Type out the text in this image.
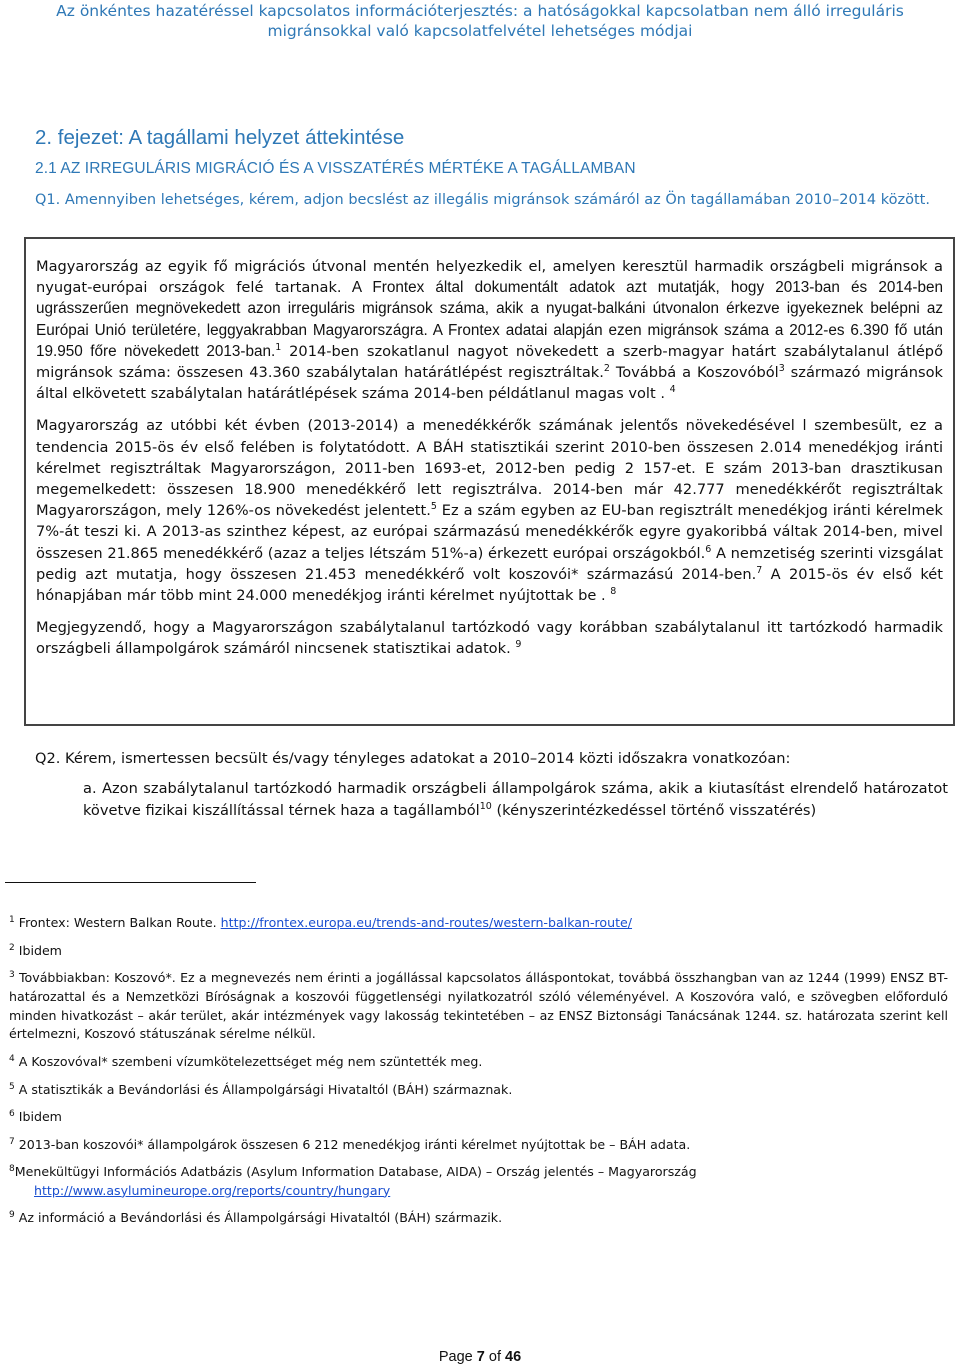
Az önkéntes hazatéréssel kapcsolatos információterjesztés: a hatóságokkal kapcsolatban nem álló irreguláris
migránsokkal való kapcsolatfelvétel lehetséges módjai
2. fejezet: A tagállami helyzet áttekintése
2.1 AZ IRREGULÁRIS MIGRÁCIÓ ÉS A VISSZATÉRÉS MÉRTÉKE A TAGÁLLAMBAN

Q1. Amennyiben lehetséges, kérem, adjon becslést az illegális migránsok számáról az Ön tagállamában 2010–2014 között.

Magyarország az egyik fő migrációs útvonal mentén helyezkedik el, amelyen keresztül harmadik országbeli migránsok a nyugat-európai országok felé tartanak. A Frontex által dokumentált adatok azt mutatják, hogy 2013-ban és 2014-ben ugrásszerűen megnövekedett azon irreguláris migránsok száma, akik a nyugat-balkáni útvonalon érkezve igyekeznek belépni az Európai Unió területére, leggyakrabban Magyarországra. A Frontex adatai alapján ezen migránsok száma a 2012-es 6.390 fő után 19.950 főre növekedett 2013-ban.$^1$ 2014-ben szokatlanul nagyot növekedett a szerb-magyar határt szabálytalanul átlépő migránsok száma: összesen 43.360 szabálytalan határátlépést regisztráltak.$^2$ Továbbá a Koszovóból$^3$ származó migránsok által elkövetett szabálytalan határátlépések száma 2014-ben példátlanul magas volt . $^4$

Magyarország az utóbbi két évben (2013-2014) a menedékkérők számának jelentős növekedésével l szembesült, ez a tendencia 2015-ös év első felében is folytatódott. A BÁH statisztikái szerint 2010-ben összesen 2.014 menedékjog iránti kérelmet regisztráltak Magyarországon, 2011-ben 1693-et, 2012-ben pedig 2 157-et. E szám 2013-ban drasztikusan megemelkedett: összesen 18.900 menedékkérő lett regisztrálva. 2014-ben már 42.777 menedékkérőt regisztráltak Magyarországon, mely 126%-os növekedést jelentett.$^5$ Ez a szám egyben az EU-ban regisztrált menedékjog iránti kérelmek 7%-át teszi ki. A 2013-as szinthez képest, az európai származású menedékkérők egyre gyakoribbá váltak 2014-ben, mivel összesen 21.865 menedékkérő (azaz a teljes létszám 51%-a) érkezett európai országokból.$^6$ A nemzetiség szerinti vizsgálat pedig azt mutatja, hogy összesen 21.453 menedékkérő volt koszovói* származású 2014-ben.$^7$ A 2015-ös év első két hónapjában már több mint 24.000 menedékjog iránti kérelmet nyújtottak be . $^8$

Megjegyzendő, hogy a Magyarországon szabálytalanul tartózkodó vagy korábban szabálytalanul itt tartózkodó harmadik országbeli állampolgárok számáról nincsenek statisztikai adatok. $^9$

Q2. Kérem, ismertessen becsült és/vagy tényleges adatokat a 2010–2014 közti időszakra vonatkozóan:

a. Azon szabálytalanul tartózkodó harmadik országbeli állampolgárok száma, akik a kiutasítást elrendelő határozatot követve fizikai kiszállítással térnek haza a tagállamból$^{10}$ (kényszerintézkedéssel történő visszatérés)

$^1$ Frontex: Western Balkan Route. http://frontex.europa.eu/trends-and-routes/western-balkan-route/

$^2$ Ibidem

$^3$ Továbbiakban: Koszovó*. Ez a megnevezés nem érinti a jogállással kapcsolatos álláspontokat, továbbá összhangban van az 1244 (1999) ENSZ BT-határozattal és a Nemzetközi Bíróságnak a koszovói függetlenségi nyilatkozatról szóló véleményével. A Koszovóra való, e szövegben előforduló minden hivatkozást – akár terület, akár intézmények vagy lakosság tekintetében – az ENSZ Biztonsági Tanácsának 1244. sz. határozata szerint kell értelmezni, Koszovó státuszának sérelme nélkül.

$^4$ A Koszovóval* szembeni vízumkötelezettséget még nem szüntették meg.

$^5$ A statisztikák a Bevándorlási és Állampolgársági Hivataltól (BÁH) származnak.

$^6$ Ibidem

$^7$ 2013-ban koszovói* állampolgárok összesen 6 212 menedékjog iránti kérelmet nyújtottak be – BÁH adata.

$^8$Menekültügyi Információs Adatbázis (Asylum Information Database, AIDA) – Ország jelentés – Magyarország
http://www.asylumineurope.org/reports/country/hungary

$^9$ Az információ a Bevándorlási és Állampolgársági Hivataltól (BÁH) származik.

Page 7 of 46
